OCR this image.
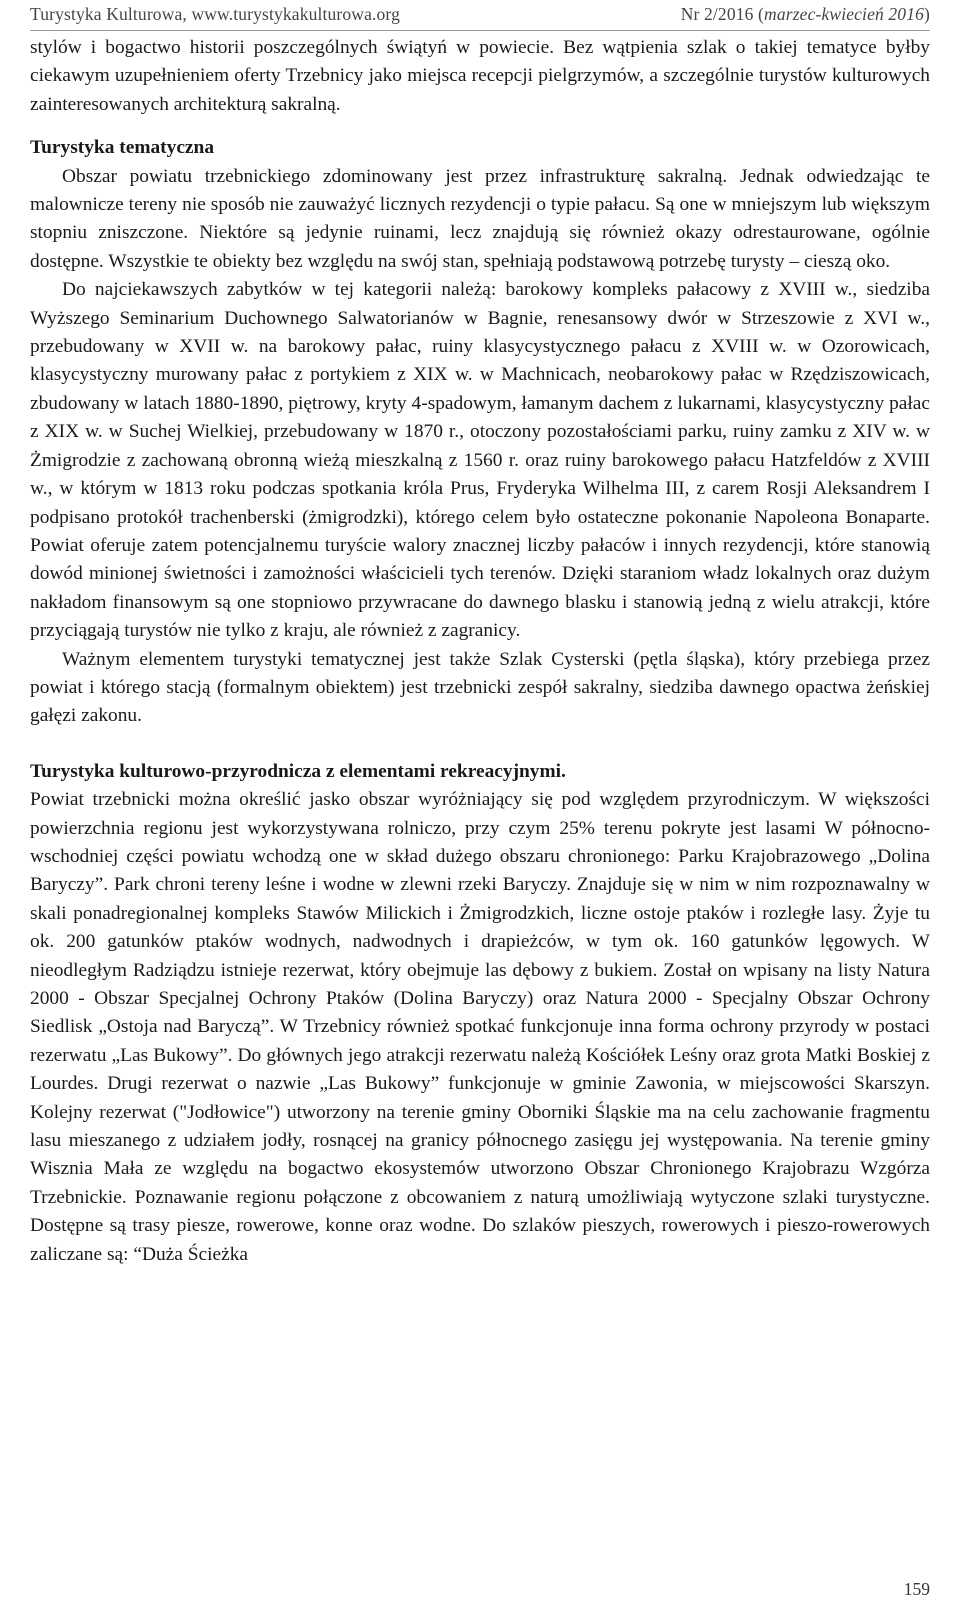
Turystyka Kulturowa, www.turystykakulturowa.org	Nr 2/2016 (marzec-kwiecień 2016)

stylów i bogactwo historii poszczególnych świątyń w powiecie. Bez wątpienia szlak o takiej tematyce byłby ciekawym uzupełnieniem oferty Trzebnicy jako miejsca recepcji pielgrzymów, a szczególnie turystów kulturowych zainteresowanych architekturą sakralną.

Turystyka tematyczna

Obszar powiatu trzebnickiego zdominowany jest przez infrastrukturę sakralną. Jednak odwiedzając te malownicze tereny nie sposób nie zauważyć licznych rezydencji o typie pałacu. Są one w mniejszym lub większym stopniu zniszczone. Niektóre są jedynie ruinami, lecz znajdują się również okazy odrestaurowane, ogólnie dostępne. Wszystkie te obiekty bez względu na swój stan, spełniają podstawową potrzebę turysty – cieszą oko.

Do najciekawszych zabytków w tej kategorii należą: barokowy kompleks pałacowy z XVIII w., siedziba Wyższego Seminarium Duchownego Salwatorianów w Bagnie, renesansowy dwór w Strzeszowie z XVI w., przebudowany w XVII w. na barokowy pałac, ruiny klasycystycznego pałacu z XVIII w. w Ozorowicach, klasycystyczny murowany pałac z portykiem z XIX w. w Machnicach, neobarokowy pałac w Rzędziszowicach, zbudowany w latach 1880-1890, piętrowy, kryty 4-spadowym, łamanym dachem z lukarnami, klasycystyczny pałac z XIX w. w Suchej Wielkiej, przebudowany w 1870 r., otoczony pozostałościami parku, ruiny zamku z XIV w. w Żmigrodzie z zachowaną obronną wieżą mieszkalną z 1560 r. oraz ruiny barokowego pałacu Hatzfeldów z XVIII w., w którym w 1813 roku podczas spotkania króla Prus, Fryderyka Wilhelma III, z carem Rosji Aleksandrem I podpisano protokół trachenberski (żmigrodzki), którego celem było ostateczne pokonanie Napoleona Bonaparte. Powiat oferuje zatem potencjalnemu turyście walory znacznej liczby pałaców i innych rezydencji, które stanowią dowód minionej świetności i zamożności właścicieli tych terenów. Dzięki staraniom władz lokalnych oraz dużym nakładom finansowym są one stopniowo przywracane do dawnego blasku i stanowią jedną z wielu atrakcji, które przyciągają turystów nie tylko z kraju, ale również z zagranicy.

Ważnym elementem turystyki tematycznej jest także Szlak Cysterski (pętla śląska), który przebiega przez powiat i którego stacją (formalnym obiektem) jest trzebnicki zespół sakralny, siedziba dawnego opactwa żeńskiej gałęzi zakonu.

Turystyka kulturowo-przyrodnicza z elementami rekreacyjnymi.

Powiat trzebnicki można określić jasko obszar wyróżniający się pod względem przyrodniczym. W większości powierzchnia regionu jest wykorzystywana rolniczo, przy czym 25% terenu pokryte jest lasami W północno-wschodniej części powiatu wchodzą one w skład dużego obszaru chronionego: Parku Krajobrazowego „Dolina Baryczy”. Park chroni tereny leśne i wodne w zlewni rzeki Baryczy. Znajduje się w nim w nim rozpoznawalny w skali ponadregionalnej kompleks Stawów Milickich i Żmigrodzkich, liczne ostoje ptaków i rozległe lasy. Żyje tu ok. 200 gatunków ptaków wodnych, nadwodnych i drapieżców, w tym ok. 160 gatunków lęgowych. W nieodległym Radziądzu istnieje rezerwat, który obejmuje las dębowy z bukiem. Został on wpisany na listy Natura 2000 - Obszar Specjalnej Ochrony Ptaków (Dolina Baryczy) oraz Natura 2000 - Specjalny Obszar Ochrony Siedlisk „Ostoja nad Baryczą”. W Trzebnicy również spotkać funkcjonuje inna forma ochrony przyrody w postaci rezerwatu „Las Bukowy”. Do głównych jego atrakcji rezerwatu należą Kościółek Leśny oraz grota Matki Boskiej z Lourdes. Drugi rezerwat o nazwie „Las Bukowy” funkcjonuje w gminie Zawonia, w miejscowości Skarszyn. Kolejny rezerwat ("Jodłowice") utworzony na terenie gminy Oborniki Śląskie ma na celu zachowanie fragmentu lasu mieszanego z udziałem jodły, rosnącej na granicy północnego zasięgu jej występowania. Na terenie gminy Wisznia Mała ze względu na bogactwo ekosystemów utworzono Obszar Chronionego Krajobrazu Wzgórza Trzebnickie. Poznawanie regionu połączone z obcowaniem z naturą umożliwiają wytyczone szlaki turystyczne. Dostępne są trasy piesze, rowerowe, konne oraz wodne. Do szlaków pieszych, rowerowych i pieszo-rowerowych zaliczane są: “Duża Ścieżka

159
